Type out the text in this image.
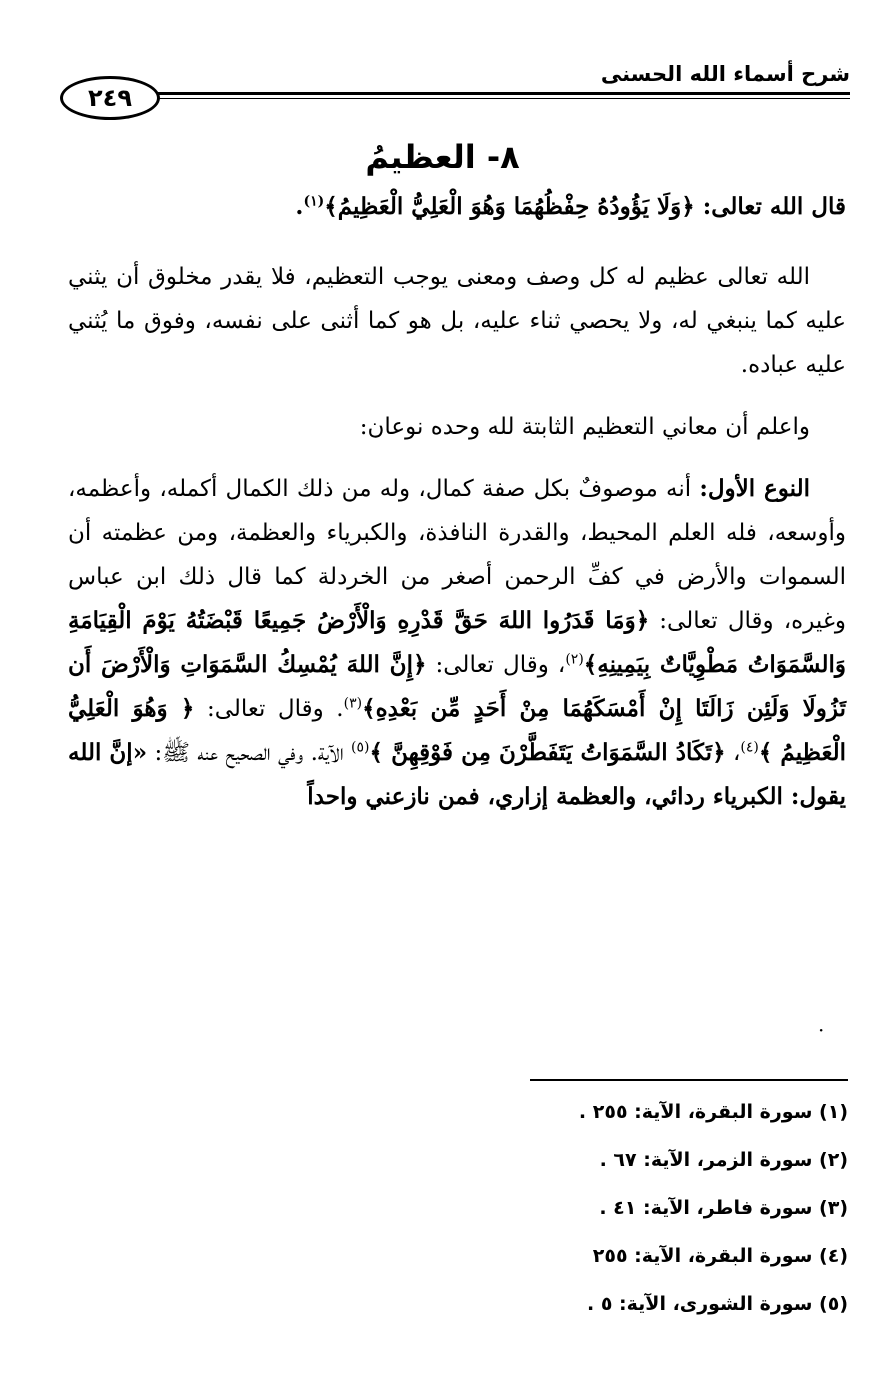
شرح أسماء الله الحسنى
٢٤٩
٨- العظيمُ

قال الله تعالى: ﴿وَلَا يَؤُودُهُ حِفْظُهُمَا وَهُوَ الْعَلِيُّ الْعَظِيمُ﴾$^{(١)}$.

الله تعالى عظيم له كل وصف ومعنى يوجب التعظيم، فلا يقدر مخلوق أن يثني عليه كما ينبغي له، ولا يحصي ثناء عليه، بل هو كما أثنى على نفسه، وفوق ما يُثني عليه عباده.

واعلم أن معاني التعظيم الثابتة لله وحده نوعان:

النوع الأول: أنه موصوفٌ بكل صفة كمال، وله من ذلك الكمال أكمله، وأعظمه، وأوسعه، فله العلم المحيط، والقدرة النافذة، والكبرياء والعظمة، ومن عظمته أن السموات والأرض في كفِّ الرحمن أصغر من الخردلة كما قال ذلك ابن عباس وغيره، وقال تعالى: ﴿وَمَا قَدَرُوا اللهَ حَقَّ قَدْرِهِ وَالْأَرْضُ جَمِيعًا قَبْضَتُهُ يَوْمَ الْقِيَامَةِ وَالسَّمَوَاتُ مَطْوِيَّاتٌ بِيَمِينِهِ﴾$^{(٢)}$، وقال تعالى: ﴿إِنَّ اللهَ يُمْسِكُ السَّمَوَاتِ وَالْأَرْضَ أَن تَزُولَا وَلَئِن زَالَتَا إِنْ أَمْسَكَهُمَا مِنْ أَحَدٍ مِّن بَعْدِهِ﴾$^{(٣)}$. وقال تعالى: ﴿ وَهُوَ الْعَلِيُّ الْعَظِيمُ ﴾$^{(٤)}$، ﴿تَكَادُ السَّمَوَاتُ يَتَفَطَّرْنَ مِن فَوْقِهِنَّ ﴾$^{(٥)}$ الآية. وفي الصحيح عنه ﷺ: «إنَّ الله يقول: الكبرياء ردائي، والعظمة إزاري، فمن نازعني واحداً

·
(١) سورة البقرة، الآية: ٢٥٥ .
(٢) سورة الزمر، الآية: ٦٧ .
(٣) سورة فاطر، الآية: ٤١ .
(٤) سورة البقرة، الآية: ٢٥٥
(٥) سورة الشورى، الآية: ٥ .
